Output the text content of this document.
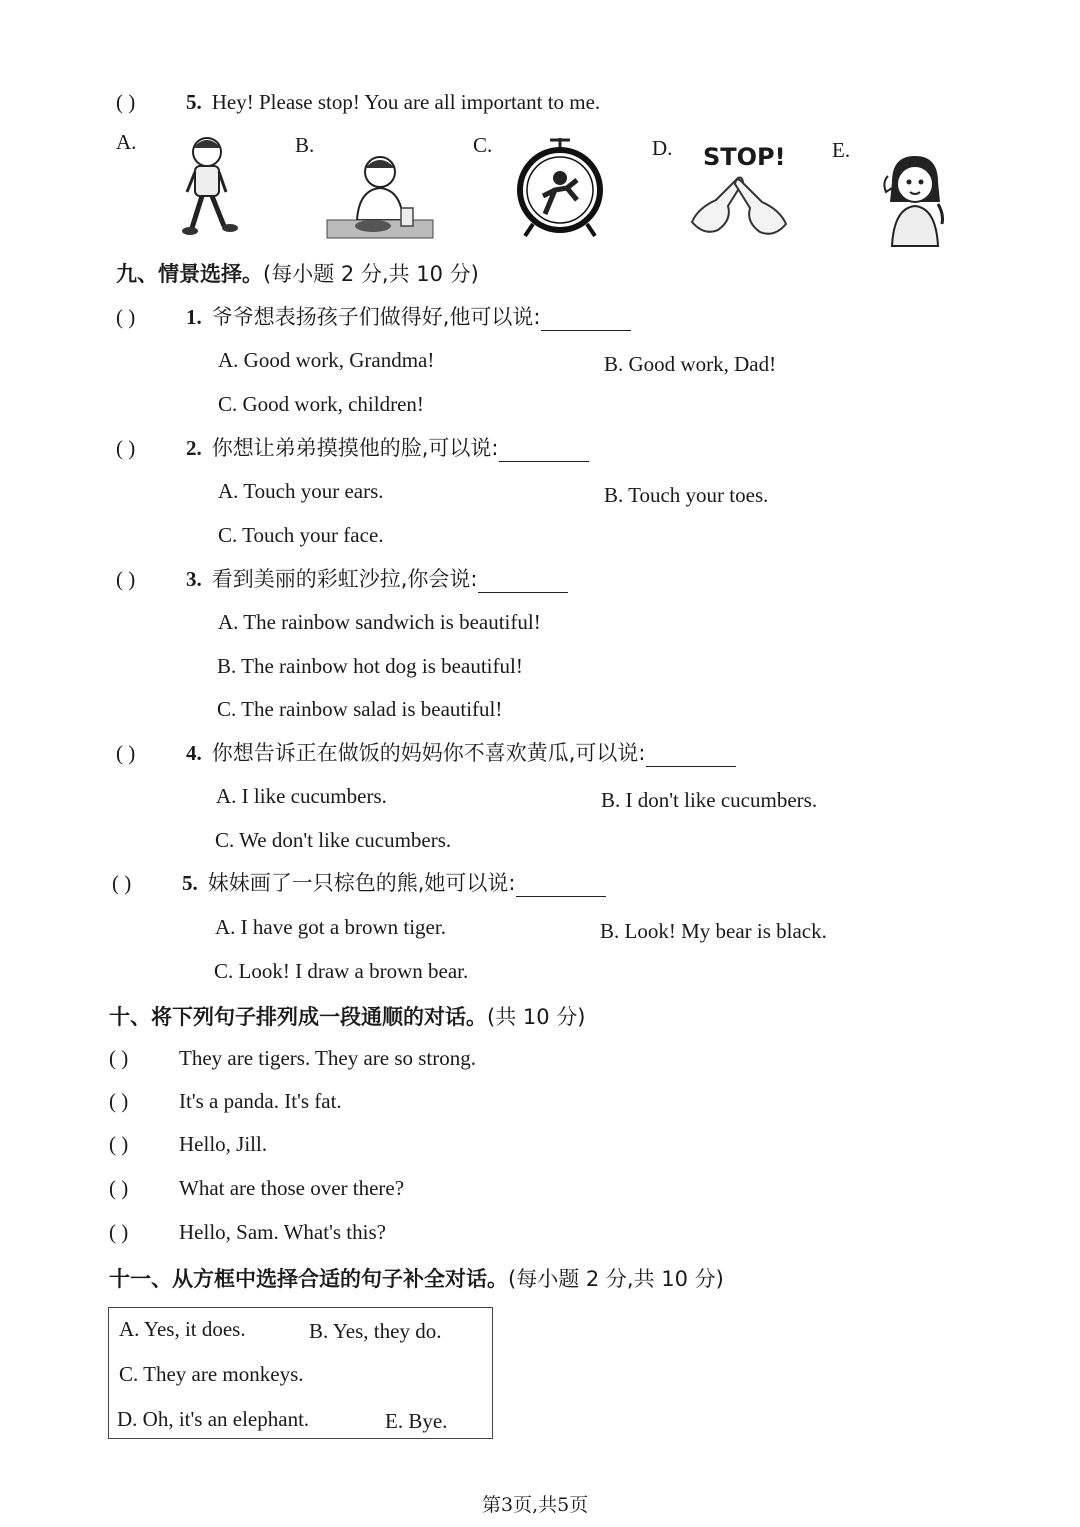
( ) 5. Hey! Please stop! You are all important to me.
A.	B.	C.	D. STOP! E.
九、情景选择。(每小题 2 分,共 10 分)
( ) 1. 爷爷想表扬孩子们做得好,他可以说:
A. Good work, Grandma!	B. Good work, Dad!
C. Good work, children!
( ) 2. 你想让弟弟摸摸他的脸,可以说:
A. Touch your ears.	B. Touch your toes.
C. Touch your face.
( ) 3. 看到美丽的彩虹沙拉,你会说:
A. The rainbow sandwich is beautiful!
B. The rainbow hot dog is beautiful!
C. The rainbow salad is beautiful!
( ) 4. 你想告诉正在做饭的妈妈你不喜欢黄瓜,可以说:
A. I like cucumbers.	B. I don't like cucumbers.
C. We don't like cucumbers.
( ) 5. 妹妹画了一只棕色的熊,她可以说:
A. I have got a brown tiger.	B. Look! My bear is black.
C. Look! I draw a brown bear.
十、将下列句子排列成一段通顺的对话。(共 10 分)
( ) They are tigers. They are so strong.
( ) It's a panda. It's fat.
( ) Hello, Jill.
( ) What are those over there?
( ) Hello, Sam. What's this?
十一、从方框中选择合适的句子补全对话。(每小题 2 分,共 10 分)
A. Yes, it does.	B. Yes, they do.
C. They are monkeys.
D. Oh, it's an elephant.	E. Bye.
第3页,共5页
